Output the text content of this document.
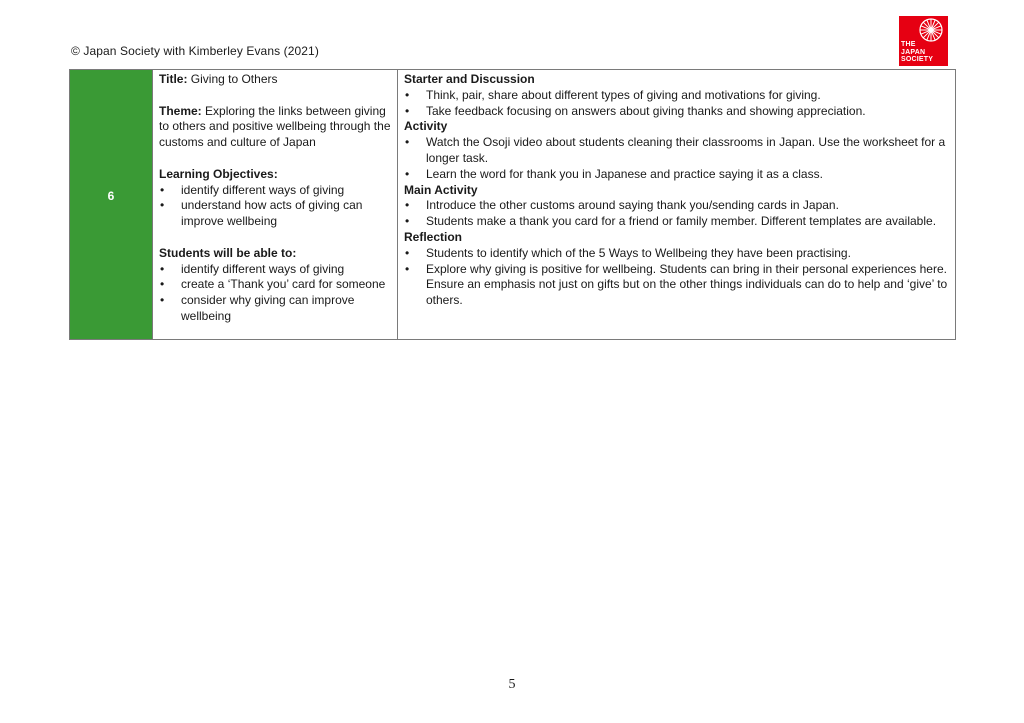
© Japan Society with Kimberley Evans (2021)	THE
JAPAN
SOCIETY
6

Title: Giving to Others

Theme: Exploring the links between giving to others and positive wellbeing through the customs and culture of Japan

Learning Objectives:

• identify different ways of giving
• understand how acts of giving can improve wellbeing

Students will be able to:

• identify different ways of giving
• create a ‘Thank you’ card for someone
• consider why giving can improve wellbeing

Starter and Discussion

• Think, pair, share about different types of giving and motivations for giving.
• Take feedback focusing on answers about giving thanks and showing appreciation.

Activity

• Watch the Osoji video about students cleaning their classrooms in Japan. Use the worksheet for a longer task.
• Learn the word for thank you in Japanese and practice saying it as a class.

Main Activity

• Introduce the other customs around saying thank you/sending cards in Japan.
• Students make a thank you card for a friend or family member. Different templates are available.

Reflection

• Students to identify which of the 5 Ways to Wellbeing they have been practising.
• Explore why giving is positive for wellbeing. Students can bring in their personal experiences here. Ensure an emphasis not just on gifts but on the other things individuals can do to help and ‘give’ to others.
5
